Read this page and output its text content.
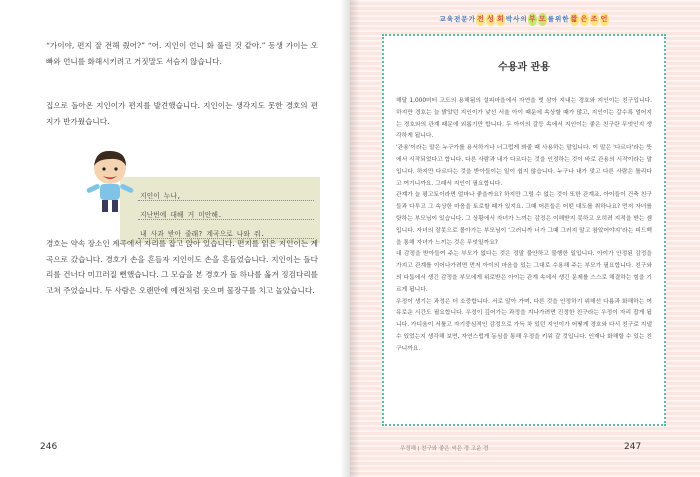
“가이야, 편지 잘 전해 줬어?” “어. 지인이 언니 화 풀린 것 같아.” 동생 가이는 오빠와 언니를 화해시키려고 거짓말도 서슴지 않습니다.

집으로 돌아온 지인이가 편지를 발견했습니다. 지인이는 생각지도 못한 경호의 편지가 반가웠습니다.

지인이 누나,
지난번에 대해 거 미안해.
내 사과 받아 줄래? 계곡으로 나와 줘.

경호는 약속 장소인 계곡에서 자리를 잡고 앉아 있습니다. 편지를 읽은 지인이는 계곡으로 갔습니다. 경호가 손을 흔들자 지인이도 손을 흔들었습니다. 지인이는 돌다리를 건너다 미끄러질 뻔했습니다. 그 모습을 본 경호가 돌 하나를 옮겨 징검다리를 고쳐 주었습니다. 두 사람은 오랜만에 예전처럼 웃으며 물장구를 치고 놀았습니다.

246

교 육 전 문 가 전 성 희 박 사 의 부 모 를 위 한 짧 은 조 언
수용과 관용

해달 1,000미터 고도의 용해됨의 설피마을에서 자연을 벗 삼아 지내는 경호와 지인이는 친구입니다. 하지만 경호는 늘 밝았던 지인이가 낯선 서울 아이 때문에 속상할 때가 많고, 지인이는 갈수록 멀어지는 경호와의 관계 때문에 외롭기만 합니다. 두 아이의 갈등 속에서 지인이는 좋은 친구란 무엇인지 생각하게 됩니다.

'관용'이라는 말은 누구가를 용서하거나 너그럽게 봐줄 때 사용하는 말입니다. 이 말은 '다르다'라는 뜻에서 시작되었다고 합니다. 다른 사람과 내가 다르다는 것을 인정하는 것이 바로 관용의 시작이라는 말입니다. 하지만 다르다는 것을 받아들이는 일이 쉽지 않습니다. 누구나 내가 맞고 다른 사람은 틀리다고 여기니까요. 그래서 지인이 필요합니다.

관계가 늘 평고토이라면 얼마나 좋을까요? 하지만 그럴 수 없는 것이 또한 관계죠. 아이들이 건축 친구들과 다투고 그 속상한 마음을 토로할 때가 있지요. 그때 어른들은 어떤 대도를 취하나요? 먼저 자녀를 탓하는 부모님이 있습니다. 그 상황에서 자녀가 느끼는 감정은 이해받지 못하고 오히려 지적을 받는 셈입니다. 자녀의 잘못으로 몰아가는 부모님이 ‘그러니까 너가 그때 그러지 말고 참았어야지’라는 피드백을 통해 자녀가 느끼는 것은 무엇일까요?

내 감정을 받아들여 주는 부모가 없다는 것은 정말 불안하고 불행한 일입니다. 아이가 안정된 감정을 가지고 관계를 이어나가려면 먼저 아이의 마음을 있는 그대로 수용해 주는 부모가 필요합니다. 친구와의 다툼에서 생긴 감정을 부모에게 위로받은 아이는 관계 속에서 생긴 문제를 스스로 해결하는 힘을 기르게 됩니다.

우정이 생기는 과정은 더 소중합니다. 서로 알아 가며, 다른 것을 인정하기 위해선 다름과 화해하는 여유로운 시간도 필요합니다. 우정이 깊어가는 과정을 지나가려면 진정한 친구라는 우정이 자리 잡게 됩니다. 가디움이 서툴고 자기중심적인 감정으로 가득 차 있던 지인이가 어떻게 경호와 다시 친구로 지낼 수 있었는지 생각해 보면, 자연스럽게 동심을 통해 우정을 키워 갈 것입니다. 인재나 화해할 수 있는 친구니까요.

우정해 | 친구와 좋은 씨은 경 고운 경	247
